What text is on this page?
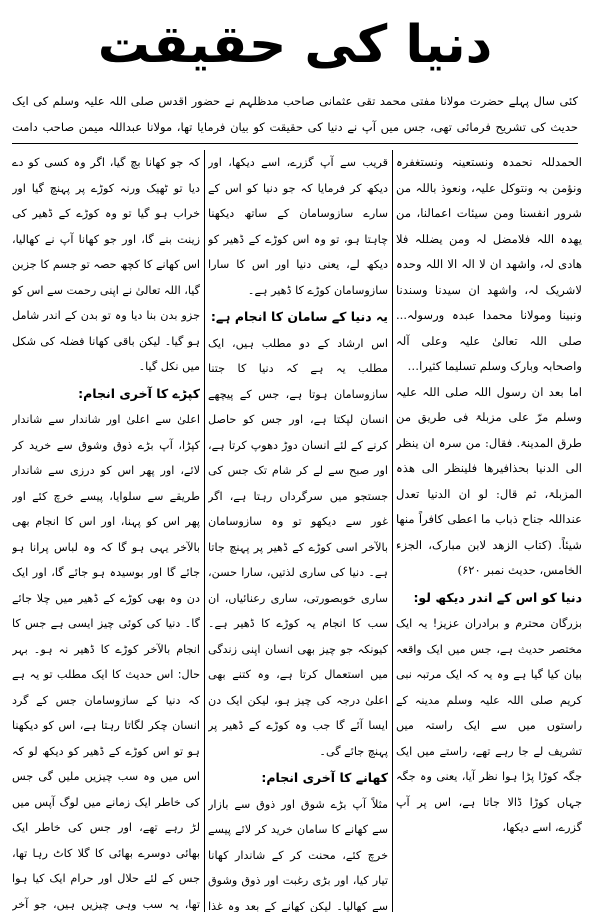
دنیا کی حقیقت
کئی سال پہلے حضرت مولانا مفتی محمد تقی عثمانی صاحب مدظلہم نے حضور اقدس صلی اللہ علیہ وسلم کی ایک حدیث کی تشریح فرمائی تھی، جس میں آپ نے دنیا کی حقیقت کو بیان فرمایا تھا، مولانا عبداللہ میمن صاحب دامت

الحمدللہ نحمدہ ونستعینہ ونستغفرہ ونؤمن بہ ونتوکل علیہ، ونعوذ باللہ من شرور انفسنا ومن سیئات اعمالنا، من یھدہ اللہ فلامضل لہ ومن یضللہ فلا ھادی لہ، واشھد ان لا الہ الا اللہ وحدہ لاشریک لہ، واشھد ان سیدنا وسندنا ونبینا ومولانا محمدا عبدہ ورسولہ... صلی اللہ تعالیٰ علیہ وعلی آلہ واصحابہ وبارک وسلم تسلیما کثیرا…

اما بعد ان رسول اللہ صلی اللہ علیہ وسلم مرّ علی مزبلۃ فی طریق من طرق المدینۃ. فقال: من سرہ ان ینظر الی الدنیا بحذافیرھا فلینظر الی ھذہ المزبلۃ، ثم قال: لو ان الدنیا تعدل عنداللہ جناح ذباب ما اعطی کافراً منھا شیئاً. (کتاب الزھد لابن مبارک، الجزء الخامس، حدیث نمبر ۶۲۰)

دنیا کو اس کے اندر دیکھ لو:

بزرگان محترم و برادران عزیز! یہ ایک مختصر حدیث ہے، جس میں ایک واقعہ بیان کیا گیا ہے وہ یہ کہ ایک مرتبہ نبی کریم صلی اللہ علیہ وسلم مدینہ کے راستوں میں سے ایک راستہ میں تشریف لے جا رہے تھے، راستے میں ایک جگہ کوڑا پڑا ہوا نظر آیا، یعنی وہ جگہ جہاں کوڑا ڈالا جاتا ہے، اس پر آپ گزرے، اسے دیکھا،

قریب سے آپ گزرے، اسے دیکھا، اور دیکھ کر فرمایا کہ جو دنیا کو اس کے سارے سازوسامان کے ساتھ دیکھنا چاہتا ہو، تو وہ اس کوڑے کے ڈھیر کو دیکھ لے، یعنی دنیا اور اس کا سارا سازوسامان کوڑے کا ڈھیر ہے۔

یہ دنیا کے سامان کا انجام ہے:

اس ارشاد کے دو مطلب ہیں، ایک مطلب یہ ہے کہ دنیا کا جتنا سازوسامان ہوتا ہے، جس کے پیچھے انسان لپکتا ہے، اور جس کو حاصل کرنے کے لئے انسان دوڑ دھوپ کرتا ہے، اور صبح سے لے کر شام تک جس کی جستجو میں سرگرداں رہتا ہے، اگر غور سے دیکھو تو وہ سازوسامان بالآخر اسی کوڑے کے ڈھیر پر پہنچ جاتا ہے۔ دنیا کی ساری لذتیں، سارا حسن، ساری خوبصورتی، ساری رعنائیاں، ان سب کا انجام یہ کوڑے کا ڈھیر ہے۔ کیونکہ جو چیز بھی انسان اپنی زندگی میں استعمال کرتا ہے، وہ کتنے بھی اعلیٰ درجہ کی چیز ہو، لیکن ایک دن ایسا آئے گا جب وہ کوڑے کے ڈھیر پر پہنچ جائے گی۔

کھانے کا آخری انجام:

مثلاً آپ بڑے شوق اور ذوق سے بازار سے کھانے کا سامان خرید کر لائے پیسے خرچ کئے، محنت کر کے شاندار کھانا تیار کیا، اور بڑی رغبت اور ذوق وشوق سے کھالیا۔ لیکن کھانے کے بعد وہ غذا

کہ جو کھانا بچ گیا، اگر وہ کسی کو دے دیا تو ٹھیک ورنہ کوڑے پر پہنچ گیا اور خراب ہو گیا تو وہ کوڑے کے ڈھیر کی زینت بنے گا، اور جو کھانا آپ نے کھالیا، اس کھانے کا کچھ حصہ تو جسم کا جزبن گیا، اللہ تعالیٰ نے اپنی رحمت سے اس کو جزو بدن بنا دیا وہ تو بدن کے اندر شامل ہو گیا۔ لیکن باقی کھانا فضلہ کی شکل میں نکل گیا۔

کپڑے کا آخری انجام:

اعلیٰ سے اعلیٰ اور شاندار سے شاندار کپڑا، آپ بڑے ذوق وشوق سے خرید کر لائے، اور پھر اس کو درزی سے شاندار طریقے سے سلوایا، پیسے خرچ کئے اور پھر اس کو پہنا، اور اس کا انجام بھی بالآخر یہی ہو گا کہ وہ لباس پرانا ہو جائے گا اور بوسیدہ ہو جائے گا، اور ایک دن وہ بھی کوڑے کے ڈھیر میں چلا جائے گا۔ دنیا کی کوئی چیز ایسی ہے جس کا انجام بالآخر کوڑے کا ڈھیر نہ ہو۔ بہر حال: اس حدیث کا ایک مطلب تو یہ ہے کہ دنیا کے سازوسامان جس کے گرد انسان چکر لگاتا رہتا ہے، اس کو دیکھنا ہو تو اس کوڑے کے ڈھیر کو دیکھ لو کہ اس میں وہ سب چیزیں ملیں گی جس کی خاطر ایک زمانے میں لوگ آپس میں لڑ رہے تھے، اور جس کی خاطر ایک بھائی دوسرے بھائی کا گلا کاٹ رہا تھا، جس کے لئے حلال اور حرام ایک کیا ہوا تھا، یہ سب وہی چیزیں ہیں، جو آخر
